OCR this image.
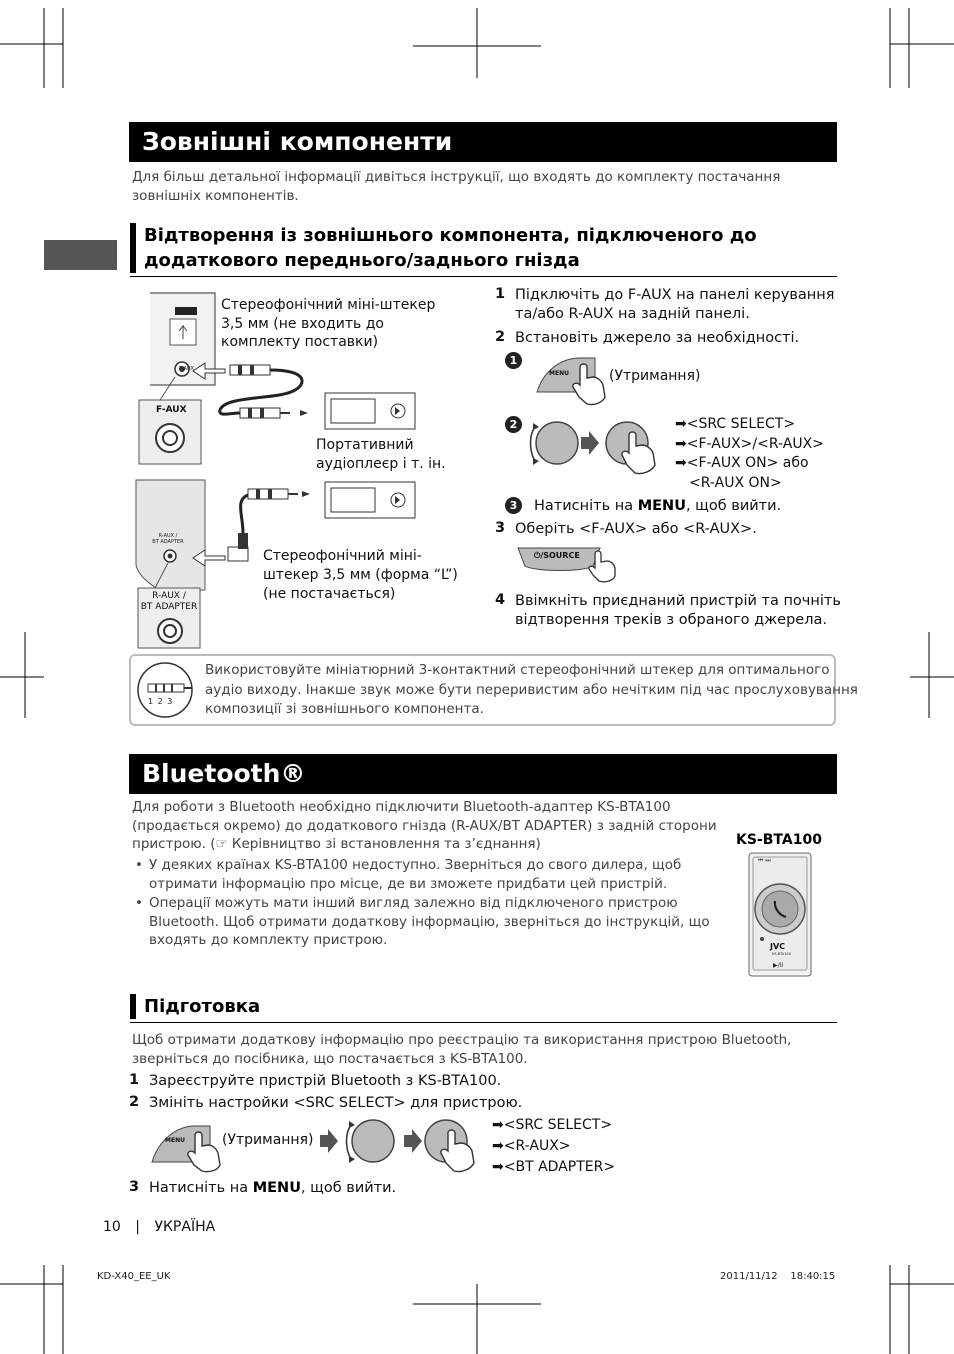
Зовнішні компоненти
Для більш детальної інформації дивіться інструкції, що входять до комплекту постачання зовнішніх компонентів.
Відтворення із зовнішнього компонента, підключеного до
додаткового переднього/заднього гнізда
F·AUX
F-AUX
R-AUX /
BT ADAPTER
R-AUX /
BT ADAPTER
Стереофонічний міні-штекер
3,5 мм (не входить до
комплекту поставки)
Портативний
аудіоплеєр і т. ін.
Стереофонічний міні-
штекер 3,5 мм (форма “L”)
(не постачається)
1 Підключіть до F-AUX на панелі керування
та/або R-AUX на задній панелі.
2 Встановіть джерело за необхідності.
1
MENU	(Утримання)
2	➡<SRC SELECT>
➡<F-AUX>/<R-AUX>
➡<F-AUX ON> або
<R-AUX ON>
3	Натисніть на MENU, щоб вийти.
3 Оберіть <F-AUX> або <R-AUX>.
⏻/SOURCE
4 Ввімкніть приєднаний пристрій та почніть
відтворення треків з обраного джерела.
1 2 3
Використовуйте мініатюрний 3-контактний стереофонічний штекер для оптимального
аудіо виходу. Інакше звук може бути переривистим або нечітким під час прослуховування
композиції зі зовнішнього компонента.
Bluetooth®
Для роботи з Bluetooth необхідно підключити Bluetooth-адаптер KS-BTA100
(продається окремо) до додаткового гнізда (R-AUX/BT ADAPTER) з задній сторони
пристрою. (☞ Керівництво зі встановлення та з’єднання)
• У деяких країнах KS-BTA100 недоступно. Зверніться до свого дилера, щоб
отримати інформацію про місце, де ви зможете придбати цей пристрій.
• Операції можуть мати інший вигляд залежно від підключеного пристрою
Bluetooth. Щоб отримати додаткову інформацію, зверніться до інструкцій, що
входять до комплекту пристрою.
KS-BTA100
⏮ ⏭
JVC
KS-BTA100
▶/II
Підготовка
Щоб отримати додаткову інформацію про реєстрацію та використання пристрою Bluetooth,
зверніться до посібника, що постачається з KS-BTA100.
1 Зареєструйте пристрій Bluetooth з KS-BTA100.
2 Змініть настройки <SRC SELECT> для пристрою.
MENU	(Утримання)
➡<SRC SELECT>
➡<R-AUX>
➡<BT ADAPTER>
3 Натисніть на MENU, щоб вийти.
10 | УКРАЇНА
KD-X40_EE_UK	2011/11/12 18:40:15
